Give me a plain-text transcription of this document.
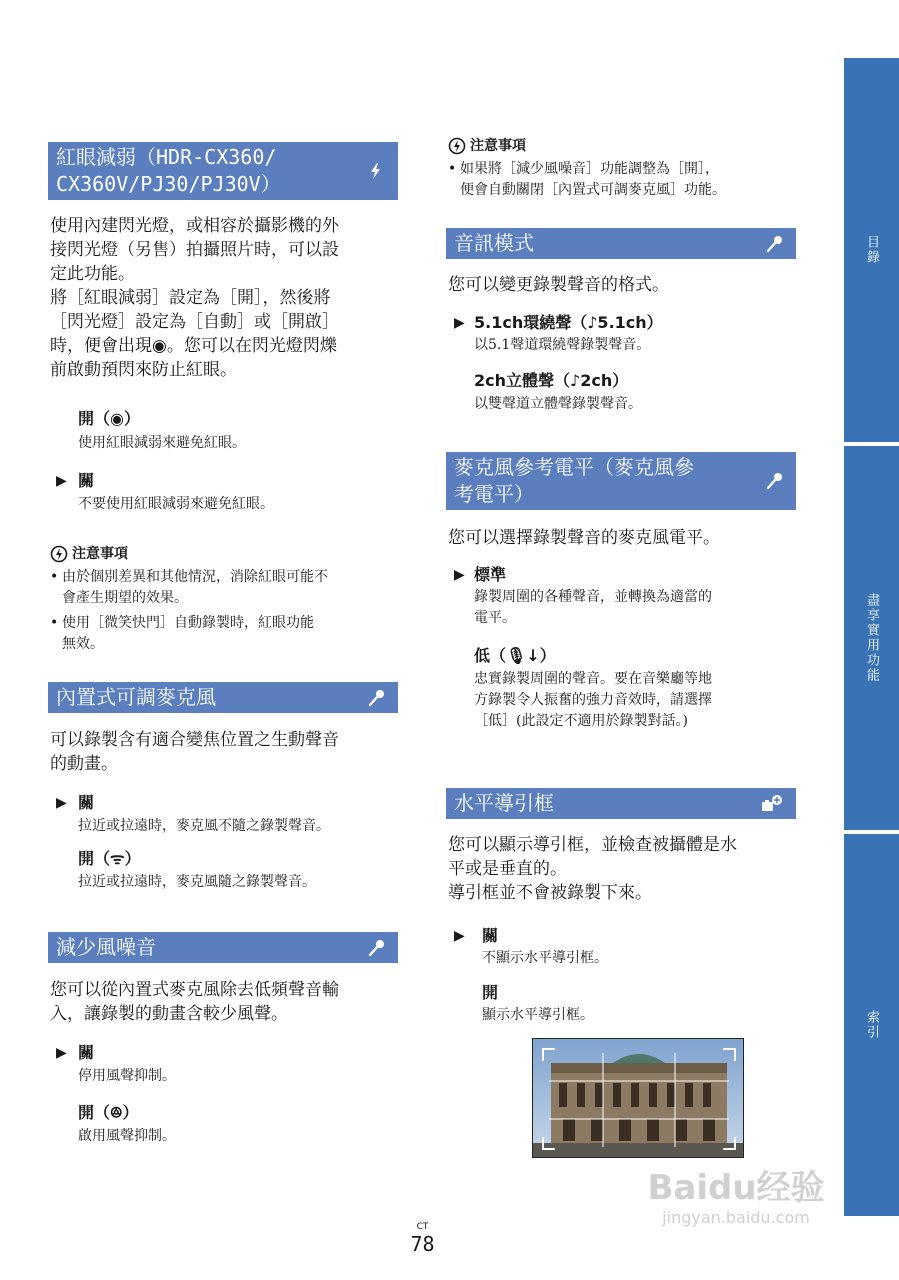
紅眼減弱（HDR-CX360/
CX360V/PJ30/PJ30V）
使用內建閃光燈，或相容於攝影機的外
接閃光燈（另售）拍攝照片時，可以設
定此功能。
將［紅眼減弱］設定為［開］，然後將
［閃光燈］設定為［自動］或［開啟］
時，便會出現◉。您可以在閃光燈閃爍
前啟動預閃來防止紅眼。
開（◉）
使用紅眼減弱來避免紅眼。
▶ 關
不要使用紅眼減弱來避免紅眼。
注意事項
• 由於個別差異和其他情況，消除紅眼可能不
會產生期望的效果。
• 使用［微笑快門］自動錄製時，紅眼功能
無效。
內置式可調麥克風
可以錄製含有適合變焦位置之生動聲音
的動畫。
▶ 關
拉近或拉遠時，麥克風不隨之錄製聲音。
開（ᯤ）
拉近或拉遠時，麥克風隨之錄製聲音。
減少風噪音
您可以從內置式麥克風除去低頻聲音輸
入，讓錄製的動畫含較少風聲。
▶ 關
停用風聲抑制。
開（ꔮ）
啟用風聲抑制。
注意事項
• 如果將［減少風噪音］功能調整為［開］，
便會自動關閉［內置式可調麥克風］功能。
音訊模式
您可以變更錄製聲音的格式。
▶ 5.1ch環繞聲（♪5.1ch）
以5.1聲道環繞聲錄製聲音。
2ch立體聲（♪2ch）
以雙聲道立體聲錄製聲音。
麥克風參考電平（麥克風參
考電平）
您可以選擇錄製聲音的麥克風電平。
▶ 標準
錄製周圍的各種聲音，並轉換為適當的
電平。
低（🎙↓）
忠實錄製周圍的聲音。要在音樂廳等地
方錄製令人振奮的強力音效時，請選擇
［低］(此設定不適用於錄製對話。)
水平導引框
您可以顯示導引框，並檢查被攝體是水
平或是垂直的。
導引框並不會被錄製下來。
▶ 關
不顯示水平導引框。
開
顯示水平導引框。
目錄
盡享實用功能
索引
Baidu经验
jingyan.baidu.com
CT
78
